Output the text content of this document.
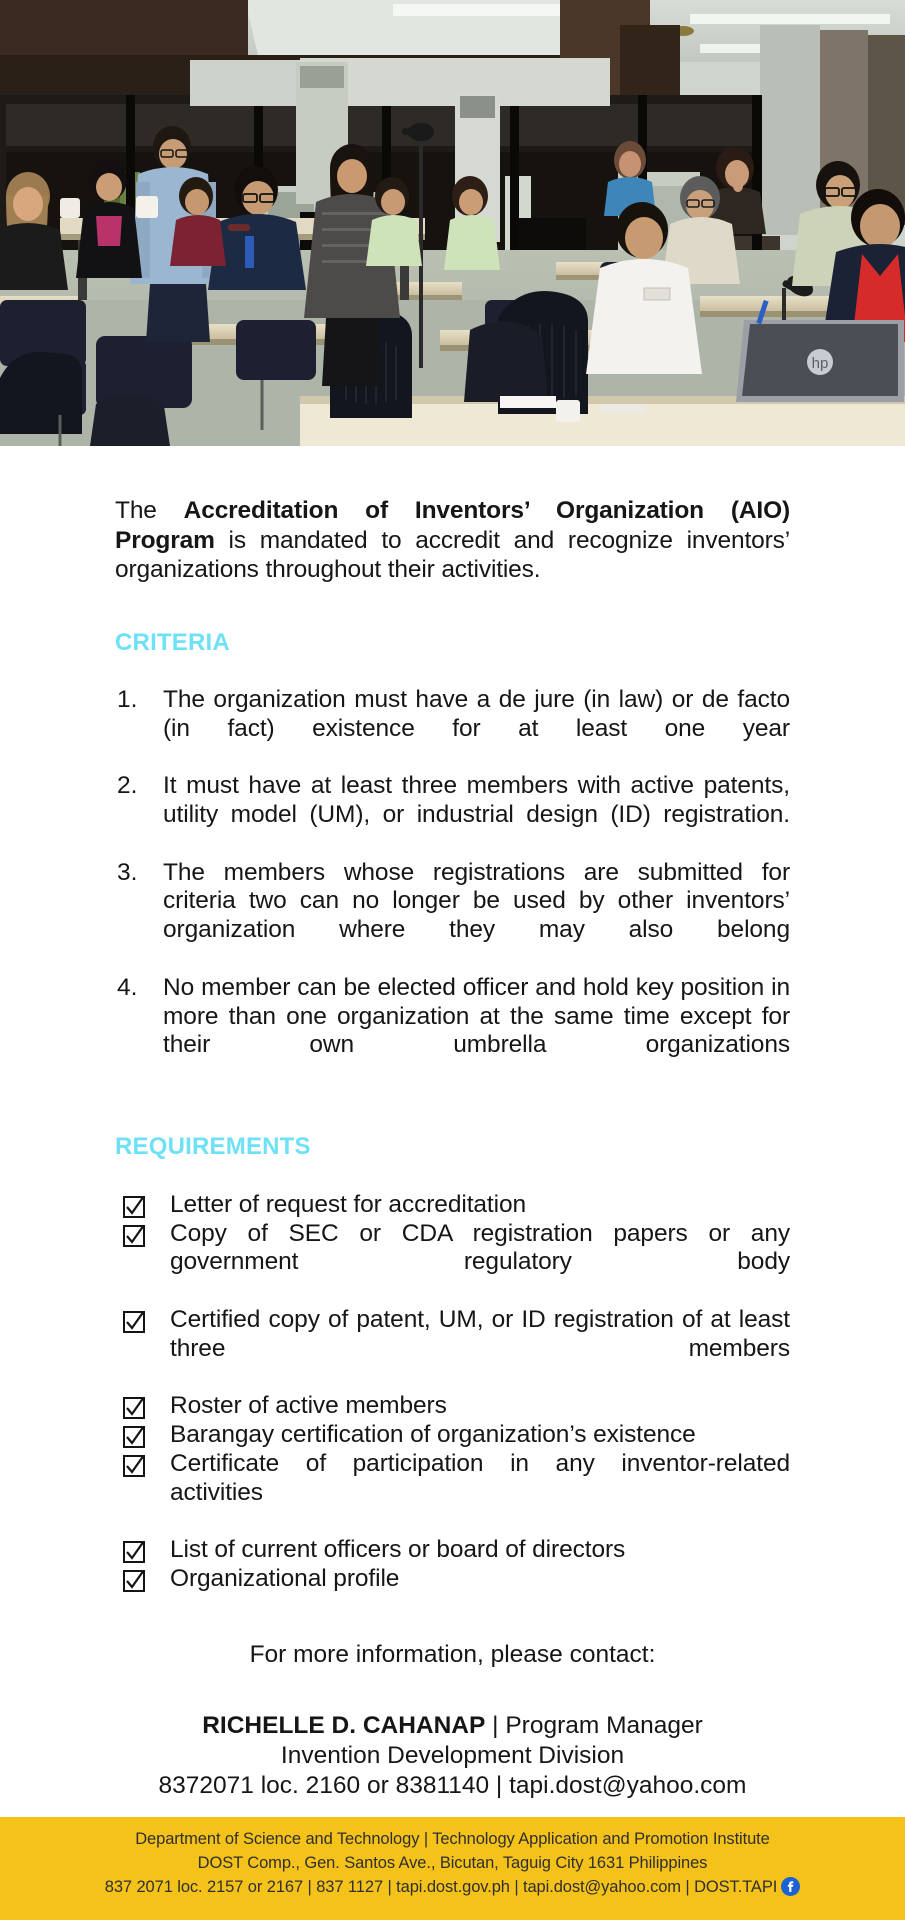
hp

The Accreditation of Inventors’ Organization (AIO) Program is mandated to accredit and recognize inventors’ organizations throughout their activities.

CRITERIA
1.	The organization must have a de jure (in law) or de facto (in fact) existence for at least one year
2.	It must have at least three members with active patents, utility model (UM), or industrial design (ID) registration.
3.	The members whose registrations are submitted for criteria two can no longer be used by other inventors’ organization where they may also belong
4.	No member can be elected officer and hold key position in more than one organization at the same time except for their own umbrella organizations
REQUIREMENTS
Letter of request for accreditation
Copy of SEC or CDA registration papers or any government regulatory body
Certified copy of patent, UM, or ID registration of at least three members
Roster of active members
Barangay certification of organization’s existence
Certificate of participation in any inventor-related activities
List of current officers or board of directors
Organizational profile

For more information, please contact:

RICHELLE D. CAHANAP | Program Manager
Invention Development Division
8372071 loc. 2160 or 8381140 | tapi.dost@yahoo.com
Department of Science and Technology | Technology Application and Promotion Institute
DOST Comp., Gen. Santos Ave., Bicutan, Taguig City 1631 Philippines
837 2071 loc. 2157 or 2167 | 837 1127 | tapi.dost.gov.ph | tapi.dost@yahoo.com | DOST.TAPI
